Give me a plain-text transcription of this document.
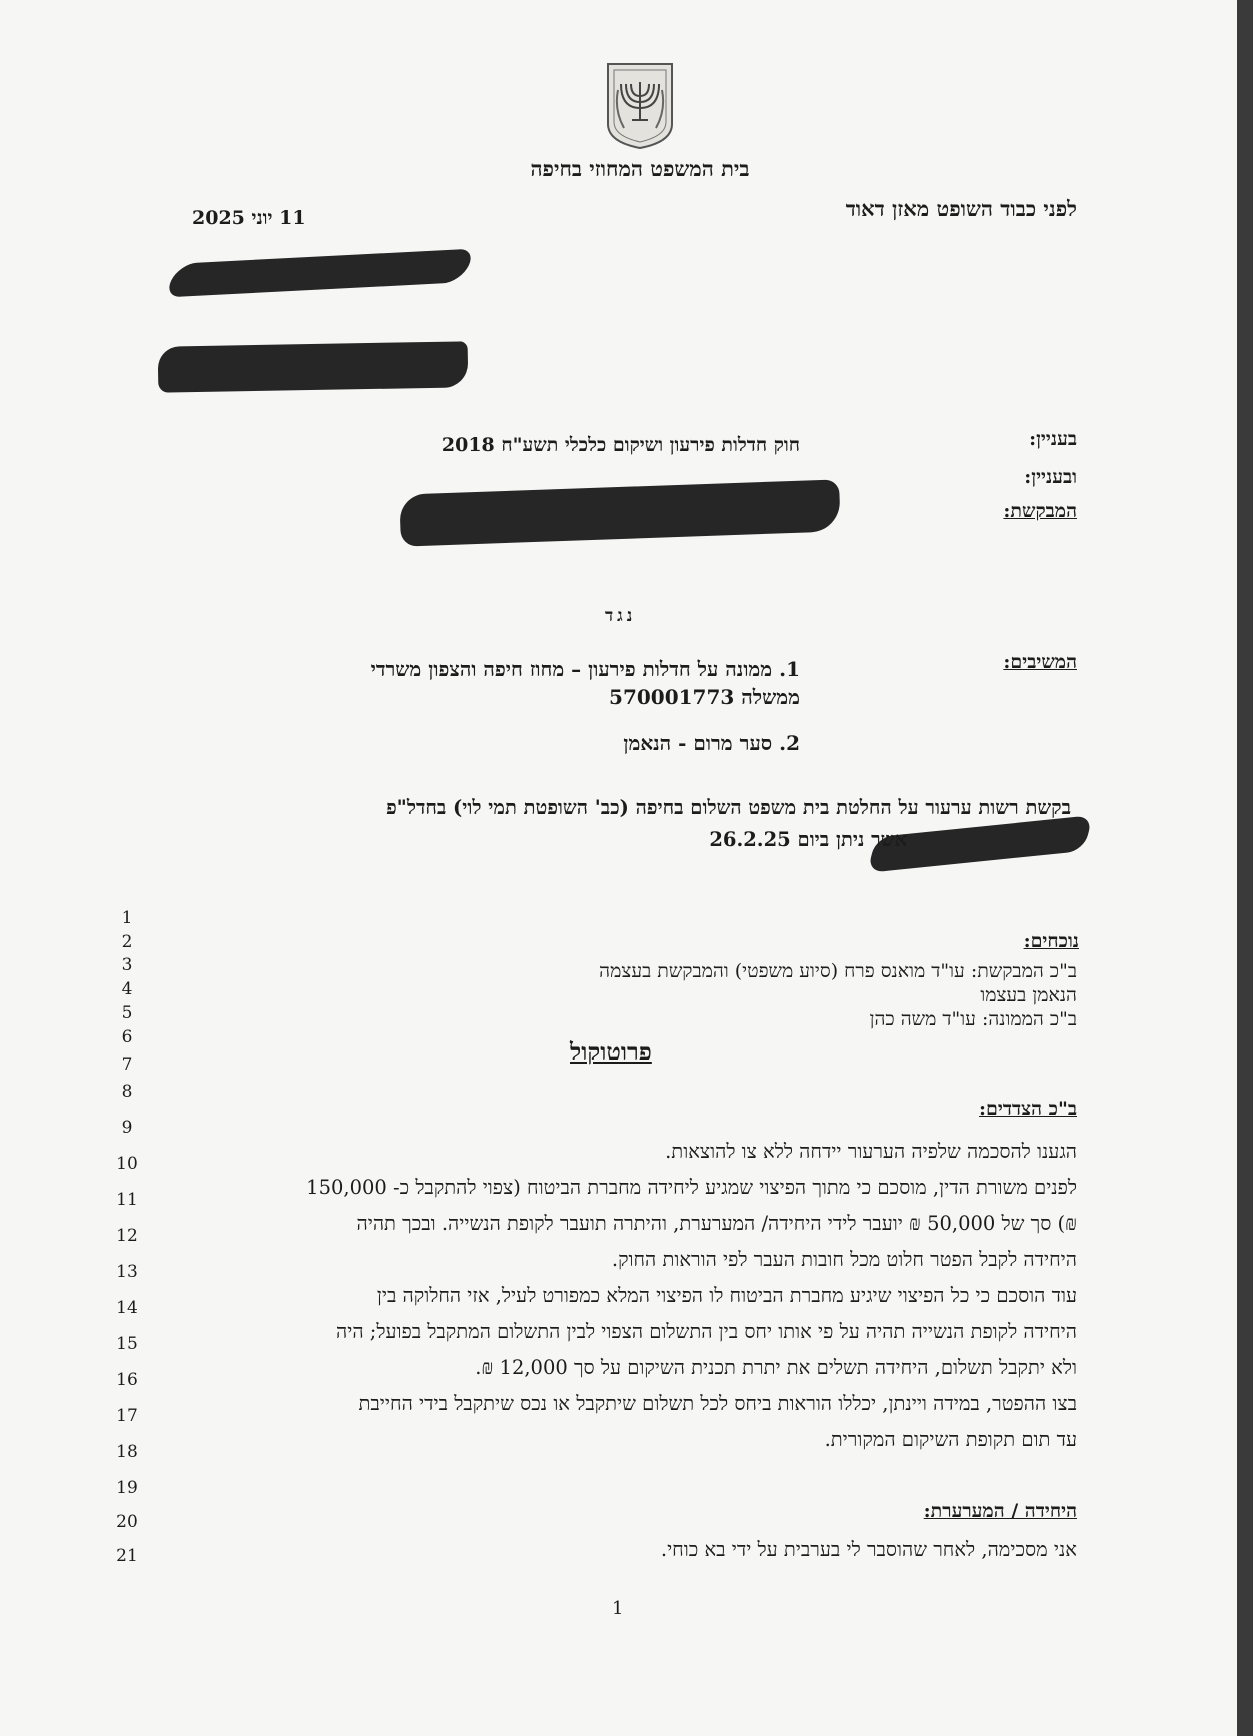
בית המשפט המחוזי בחיפה
לפני כבוד השופט מאזן דאוד
11 יוני 2025
בעניין:
חוק חדלות פירעון ושיקום כלכלי תשע"ח 2018
ובעניין:
המבקשת:
נגד
המשיבים:
1. ממונה על חדלות פירעון – מחוז חיפה והצפון משרדי
ממשלה 570001773
2. סער מרום - הנאמן
בקשת רשות ערעור על החלטת בית משפט השלום בחיפה (כב' השופטת תמי לוי) בחדל"פ
אשר ניתן ביום 26.2.25
1
2
3
4
5
6
7
8
9
10
11
12
13
14
15
16
17
18
19
20
21
נוכחים:
ב"כ המבקשת: עו"ד מואנס פרח (סיוע משפטי) והמבקשת בעצמה
הנאמן בעצמו
ב"כ הממונה: עו"ד משה כהן
פרוטוקול
ב"כ הצדדים:
הגענו להסכמה שלפיה הערעור יידחה ללא צו להוצאות.
לפנים משורת הדין, מוסכם כי מתוך הפיצוי שמגיע ליחידה מחברת הביטוח (צפוי להתקבל כ- 150,000
₪) סך של 50,000 ₪ יועבר לידי היחידה/ המערערת, והיתרה תועבר לקופת הנשייה. ובכך תהיה
היחידה לקבל הפטר חלוט מכל חובות העבר לפי הוראות החוק.
עוד הוסכם כי כל הפיצוי שיגיע מחברת הביטוח לו הפיצוי המלא כמפורט לעיל, אזי החלוקה בין
היחידה לקופת הנשייה תהיה על פי אותו יחס בין התשלום הצפוי לבין התשלום המתקבל בפועל; היה
ולא יתקבל תשלום, היחידה תשלים את יתרת תכנית השיקום על סך 12,000 ₪.
בצו ההפטר, במידה ויינתן, יכללו הוראות ביחס לכל תשלום שיתקבל או נכס שיתקבל בידי החייבת
עד תום תקופת השיקום המקורית.
היחידה / המערערת:
אני מסכימה, לאחר שהוסבר לי בערבית על ידי בא כוחי.
1
